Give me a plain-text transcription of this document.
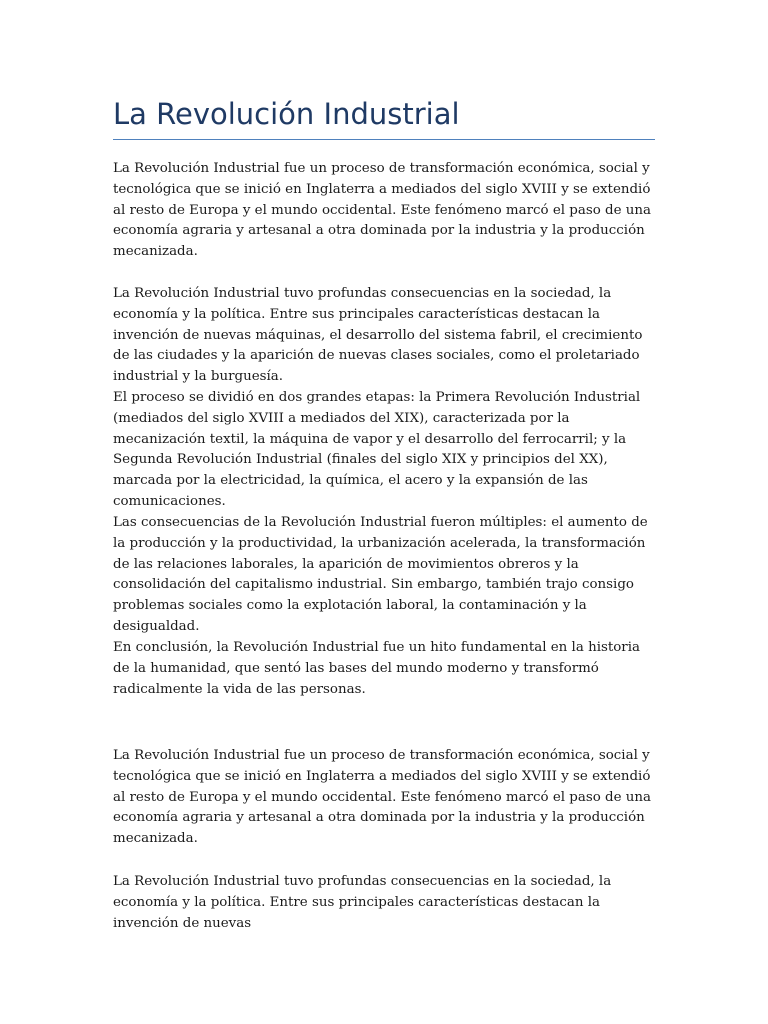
La Revolución Industrial

La Revolución Industrial fue un proceso de transformación económica, social y tecnológica que se inició en Inglaterra a mediados del siglo XVIII y se extendió al resto de Europa y el mundo occidental. Este fenómeno marcó el paso de una economía agraria y artesanal a otra dominada por la industria y la producción mecanizada.

La Revolución Industrial tuvo profundas consecuencias en la sociedad, la economía y la política. Entre sus principales características destacan la invención de nuevas máquinas, el desarrollo del sistema fabril, el crecimiento de las ciudades y la aparición de nuevas clases sociales, como el proletariado industrial y la burguesía.

El proceso se dividió en dos grandes etapas: la Primera Revolución Industrial (mediados del siglo XVIII a mediados del XIX), caracterizada por la mecanización textil, la máquina de vapor y el desarrollo del ferrocarril; y la Segunda Revolución Industrial (finales del siglo XIX y principios del XX), marcada por la electricidad, la química, el acero y la expansión de las comunicaciones.

Las consecuencias de la Revolución Industrial fueron múltiples: el aumento de la producción y la productividad, la urbanización acelerada, la transformación de las relaciones laborales, la aparición de movimientos obreros y la consolidación del capitalismo industrial. Sin embargo, también trajo consigo problemas sociales como la explotación laboral, la contaminación y la desigualdad.

En conclusión, la Revolución Industrial fue un hito fundamental en la historia de la humanidad, que sentó las bases del mundo moderno y transformó radicalmente la vida de las personas.

La Revolución Industrial fue un proceso de transformación económica, social y tecnológica que se inició en Inglaterra a mediados del siglo XVIII y se extendió al resto de Europa y el mundo occidental. Este fenómeno marcó el paso de una economía agraria y artesanal a otra dominada por la industria y la producción mecanizada.

La Revolución Industrial tuvo profundas consecuencias en la sociedad, la economía y la política. Entre sus principales características destacan la invención de nuevas
